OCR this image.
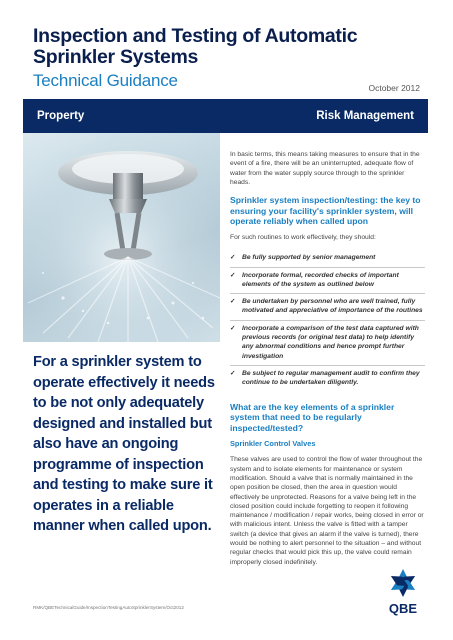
Inspection and Testing of Automatic
Sprinkler Systems
Technical Guidance	October 2012
Property	Risk Management
For a sprinkler system to operate effectively it needs to be not only adequately designed and installed but also have an ongoing programme of inspection and testing to make sure it operates in a reliable manner when called upon.

In basic terms, this means taking measures to ensure that in the event of a fire, there will be an uninterrupted, adequate flow of water from the water supply source through to the sprinkler heads.

Sprinkler system inspection/testing: the key to ensuring your facility's sprinkler system, will operate reliably when called upon

For such routines to work effectively, they should:

✓ Be fully supported by senior management
✓ Incorporate formal, recorded checks of important elements of the system as outlined below
✓ Be undertaken by personnel who are well trained, fully motivated and appreciative of importance of the routines
✓ Incorporate a comparison of the test data captured with previous records (or original test data) to help identify any abnormal conditions and hence prompt further investigation
✓ Be subject to regular management audit to confirm they continue to be undertaken diligently.
What are the key elements of a sprinkler system that need to be regularly inspected/tested?
Sprinkler Control Valves

These valves are used to control the flow of water throughout the system and to isolate elements for maintenance or system modification. Should a valve that is normally maintained in the open position be closed, then the area in question would effectively be unprotected. Reasons for a valve being left in the closed position could include forgetting to reopen it following maintenance / modification / repair works, being closed in error or with malicious intent. Unless the valve is fitted with a tamper switch (a device that gives an alarm if the valve is turned), there would be nothing to alert personnel to the situation – and without regular checks that would pick this up, the valve could remain improperly closed indefinitely.

RMK/QBETechnicalGuide/InspectionTestingAutoSprinklerSystem/Oct2012	QBE
